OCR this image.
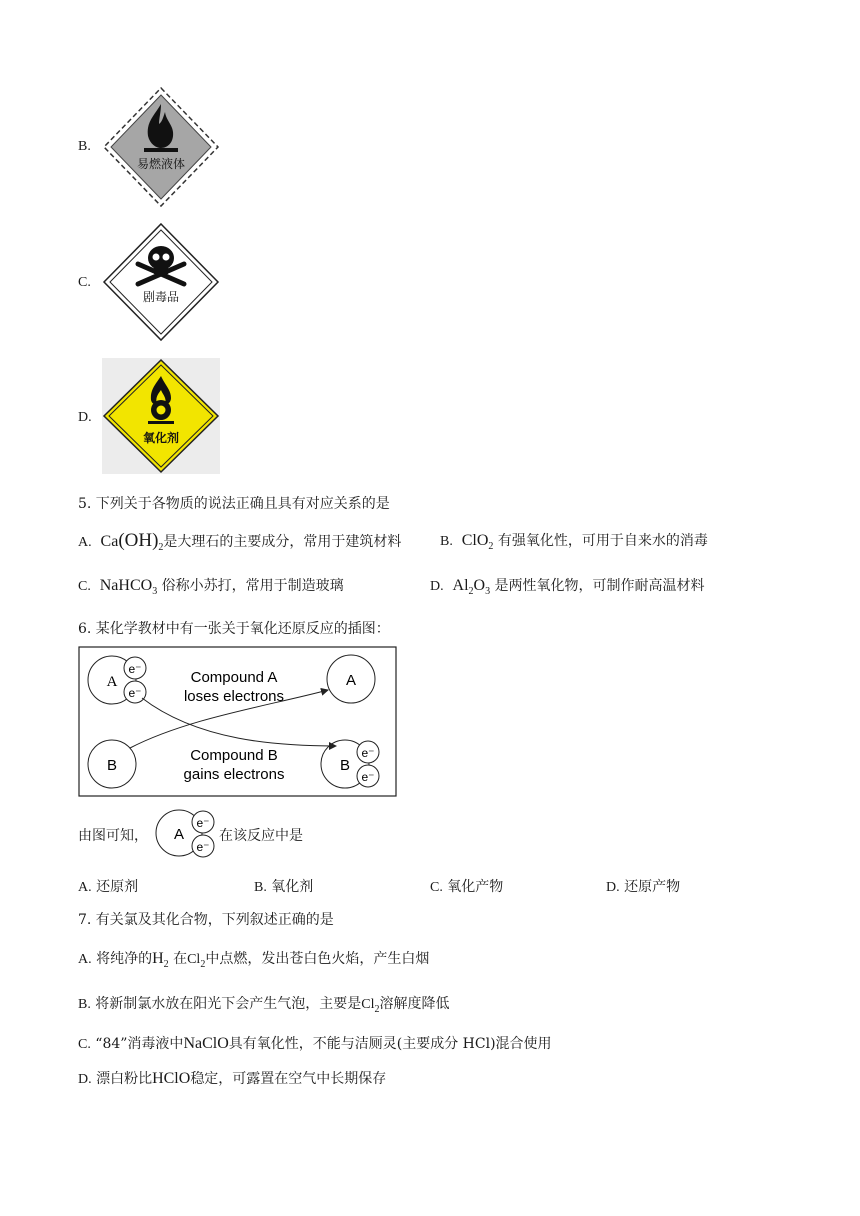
B.
易燃液体
C.
剧毒品
D.
氧化剂
5. 下列关于各物质的说法正确且具有对应关系的是
A. $Ca(OH)_2$是大理石的主要成分，常用于建筑材料	B. ClO$_2$ 有强氧化性，可用于自来水的消毒
C. NaHCO$_3$ 俗称小苏打，常用于制造玻璃	D. $Al_2O_3$ 是两性氧化物，可制作耐高温材料
6. 某化学教材中有一张关于氧化还原反应的插图：
A
e⁻
e⁻
A
B	B
e⁻
e⁻
Compound A
loses electrons
Compound B
gains electrons
由图可知， A
e⁻
e⁻
在该反应中是
A. 还原剂	B. 氧化剂	C. 氧化产物	D. 还原产物
7. 有关氯及其化合物，下列叙述正确的是
A. 将纯净的$H_2$ 在$Cl_2$中点燃，发出苍白色火焰，产生白烟
B. 将新制氯水放在阳光下会产生气泡，主要是$Cl_2$溶解度降低
C. “84”消毒液中NaClO具有氧化性，不能与洁厕灵(主要成分 HCl)混合使用
D. 漂白粉比HClO稳定，可露置在空气中长期保存
